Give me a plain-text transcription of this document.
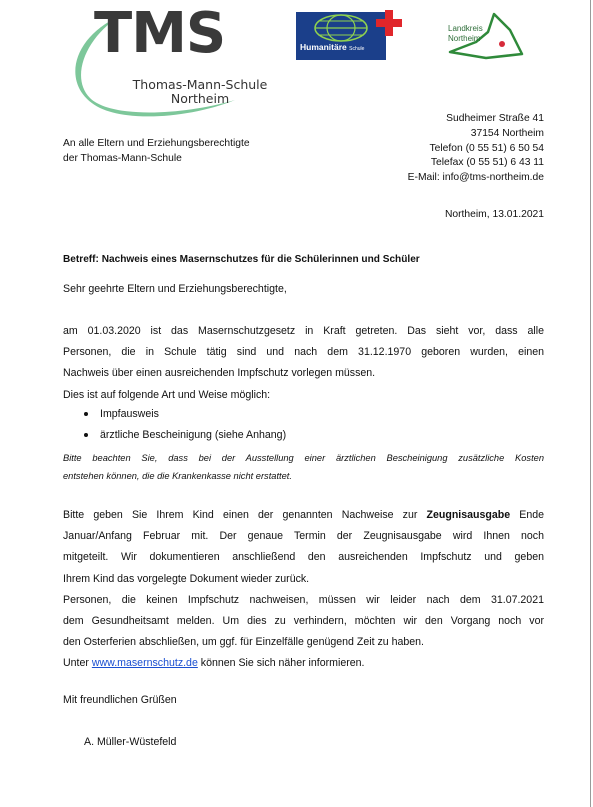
TMS
Thomas-Mann-Schule
Northeim
Humanitäre Schule
Landkreis
Northeim
An alle Eltern und Erziehungsberechtigte
der Thomas-Mann-Schule
Sudheimer Straße 41
37154 Northeim
Telefon (0 55 51) 6 50 54
Telefax (0 55 51) 6 43 11
E-Mail: info@tms-northeim.de
Northeim, 13.01.2021
Betreff: Nachweis eines Masernschutzes für die Schülerinnen und Schüler
Sehr geehrte Eltern und Erziehungsberechtigte,
am 01.03.2020 ist das Masernschutzgesetz in Kraft getreten. Das sieht vor, dass alle
Personen, die in Schule tätig sind und nach dem 31.12.1970 geboren wurden, einen
Nachweis über einen ausreichenden Impfschutz vorlegen müssen.
Dies ist auf folgende Art und Weise möglich:
Impfausweis
ärztliche Bescheinigung (siehe Anhang)
Bitte beachten Sie, dass bei der Ausstellung einer ärztlichen Bescheinigung zusätzliche Kosten
entstehen können, die die Krankenkasse nicht erstattet.
Bitte geben Sie Ihrem Kind einen der genannten Nachweise zur Zeugnisausgabe Ende
Januar/Anfang Februar mit. Der genaue Termin der Zeugnisausgabe wird Ihnen noch
mitgeteilt. Wir dokumentieren anschließend den ausreichenden Impfschutz und geben
Ihrem Kind das vorgelegte Dokument wieder zurück.
Personen, die keinen Impfschutz nachweisen, müssen wir leider nach dem 31.07.2021
dem Gesundheitsamt melden. Um dies zu verhindern, möchten wir den Vorgang noch vor
den Osterferien abschließen, um ggf. für Einzelfälle genügend Zeit zu haben.
Unter www.masernschutz.de können Sie sich näher informieren.
Mit freundlichen Grüßen
A. Müller-Wüstefeld
